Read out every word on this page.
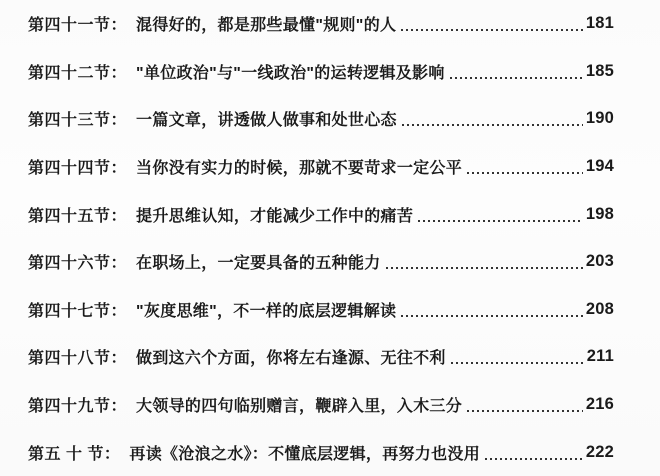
第四十一节： 混得好的，都是那些最懂"规则"的人	181
第四十二节： "单位政治"与"一线政治"的运转逻辑及影响	185
第四十三节： 一篇文章，讲透做人做事和处世心态	190
第四十四节： 当你没有实力的时候，那就不要苛求一定公平	194
第四十五节： 提升思维认知，才能减少工作中的痛苦	198
第四十六节： 在职场上，一定要具备的五种能力	203
第四十七节： "灰度思维"，不一样的底层逻辑解读	208
第四十八节： 做到这六个方面，你将左右逢源、无往不利	211
第四十九节： 大领导的四句临别赠言，鞭辟入里，入木三分	216
第五 十 节： 再读《沧浪之水》：不懂底层逻辑，再努力也没用	222
